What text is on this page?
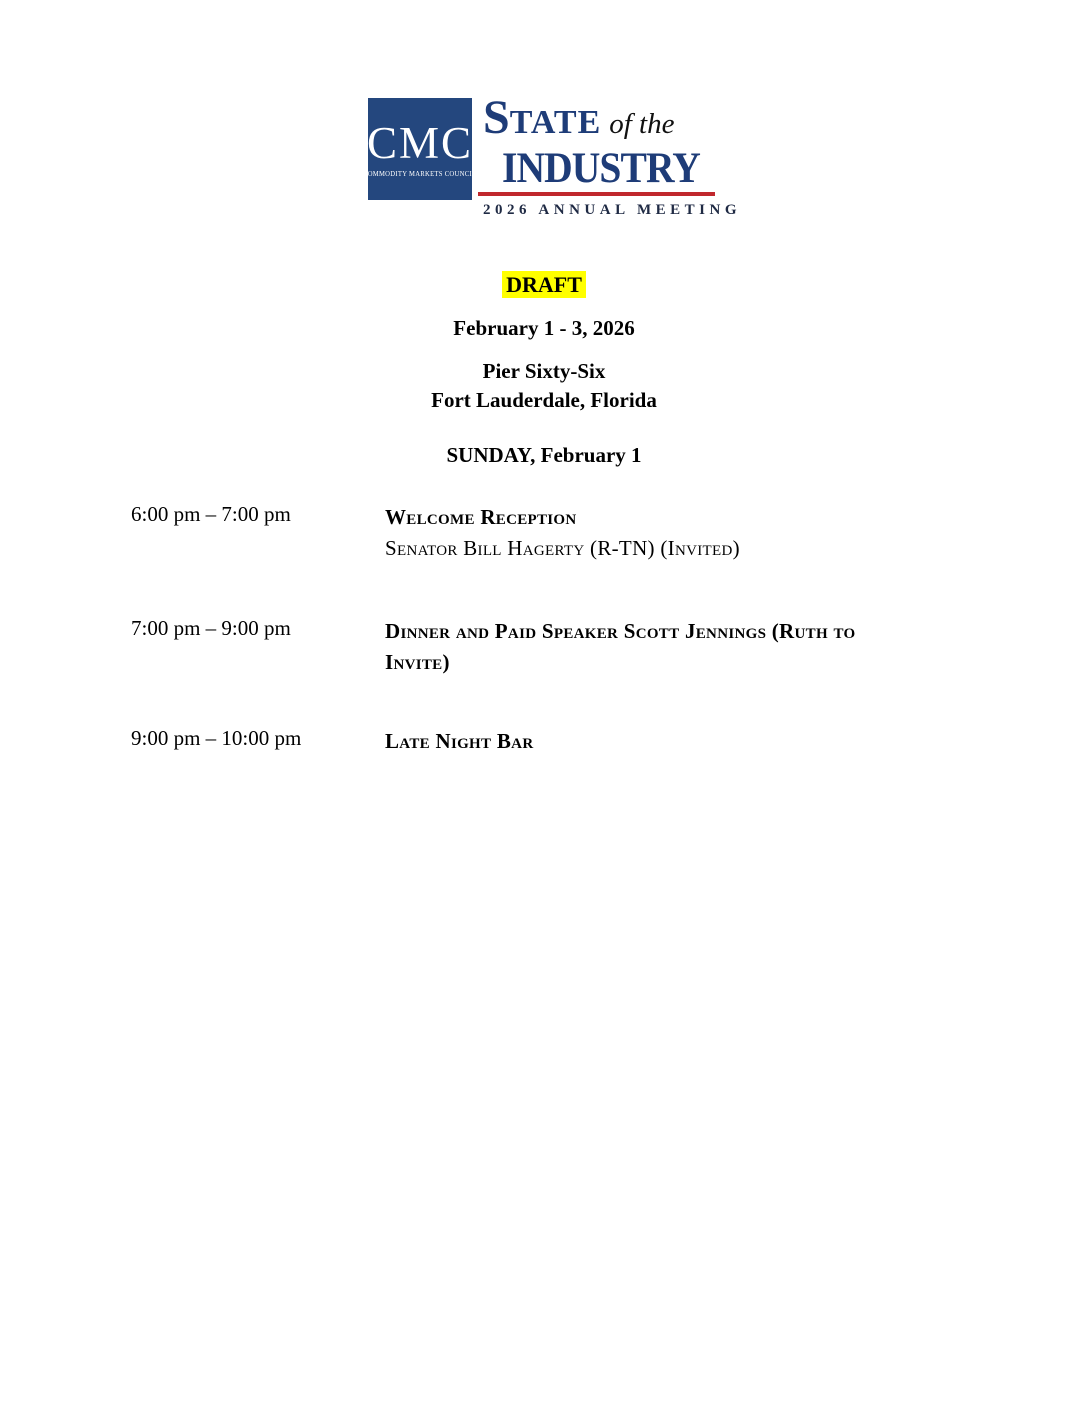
CMC
COMMODITY MARKETS COUNCIL
STATE of the
INDUSTRY
2026 ANNUAL MEETING
DRAFT
February 1 - 3, 2026
Pier Sixty-Six
Fort Lauderdale, Florida
SUNDAY, February 1
6:00 pm – 7:00 pm	Welcome Reception
Senator Bill Hagerty (R-TN) (Invited)
7:00 pm – 9:00 pm	Dinner and Paid Speaker Scott Jennings (Ruth to Invite)
9:00 pm – 10:00 pm	Late Night Bar
